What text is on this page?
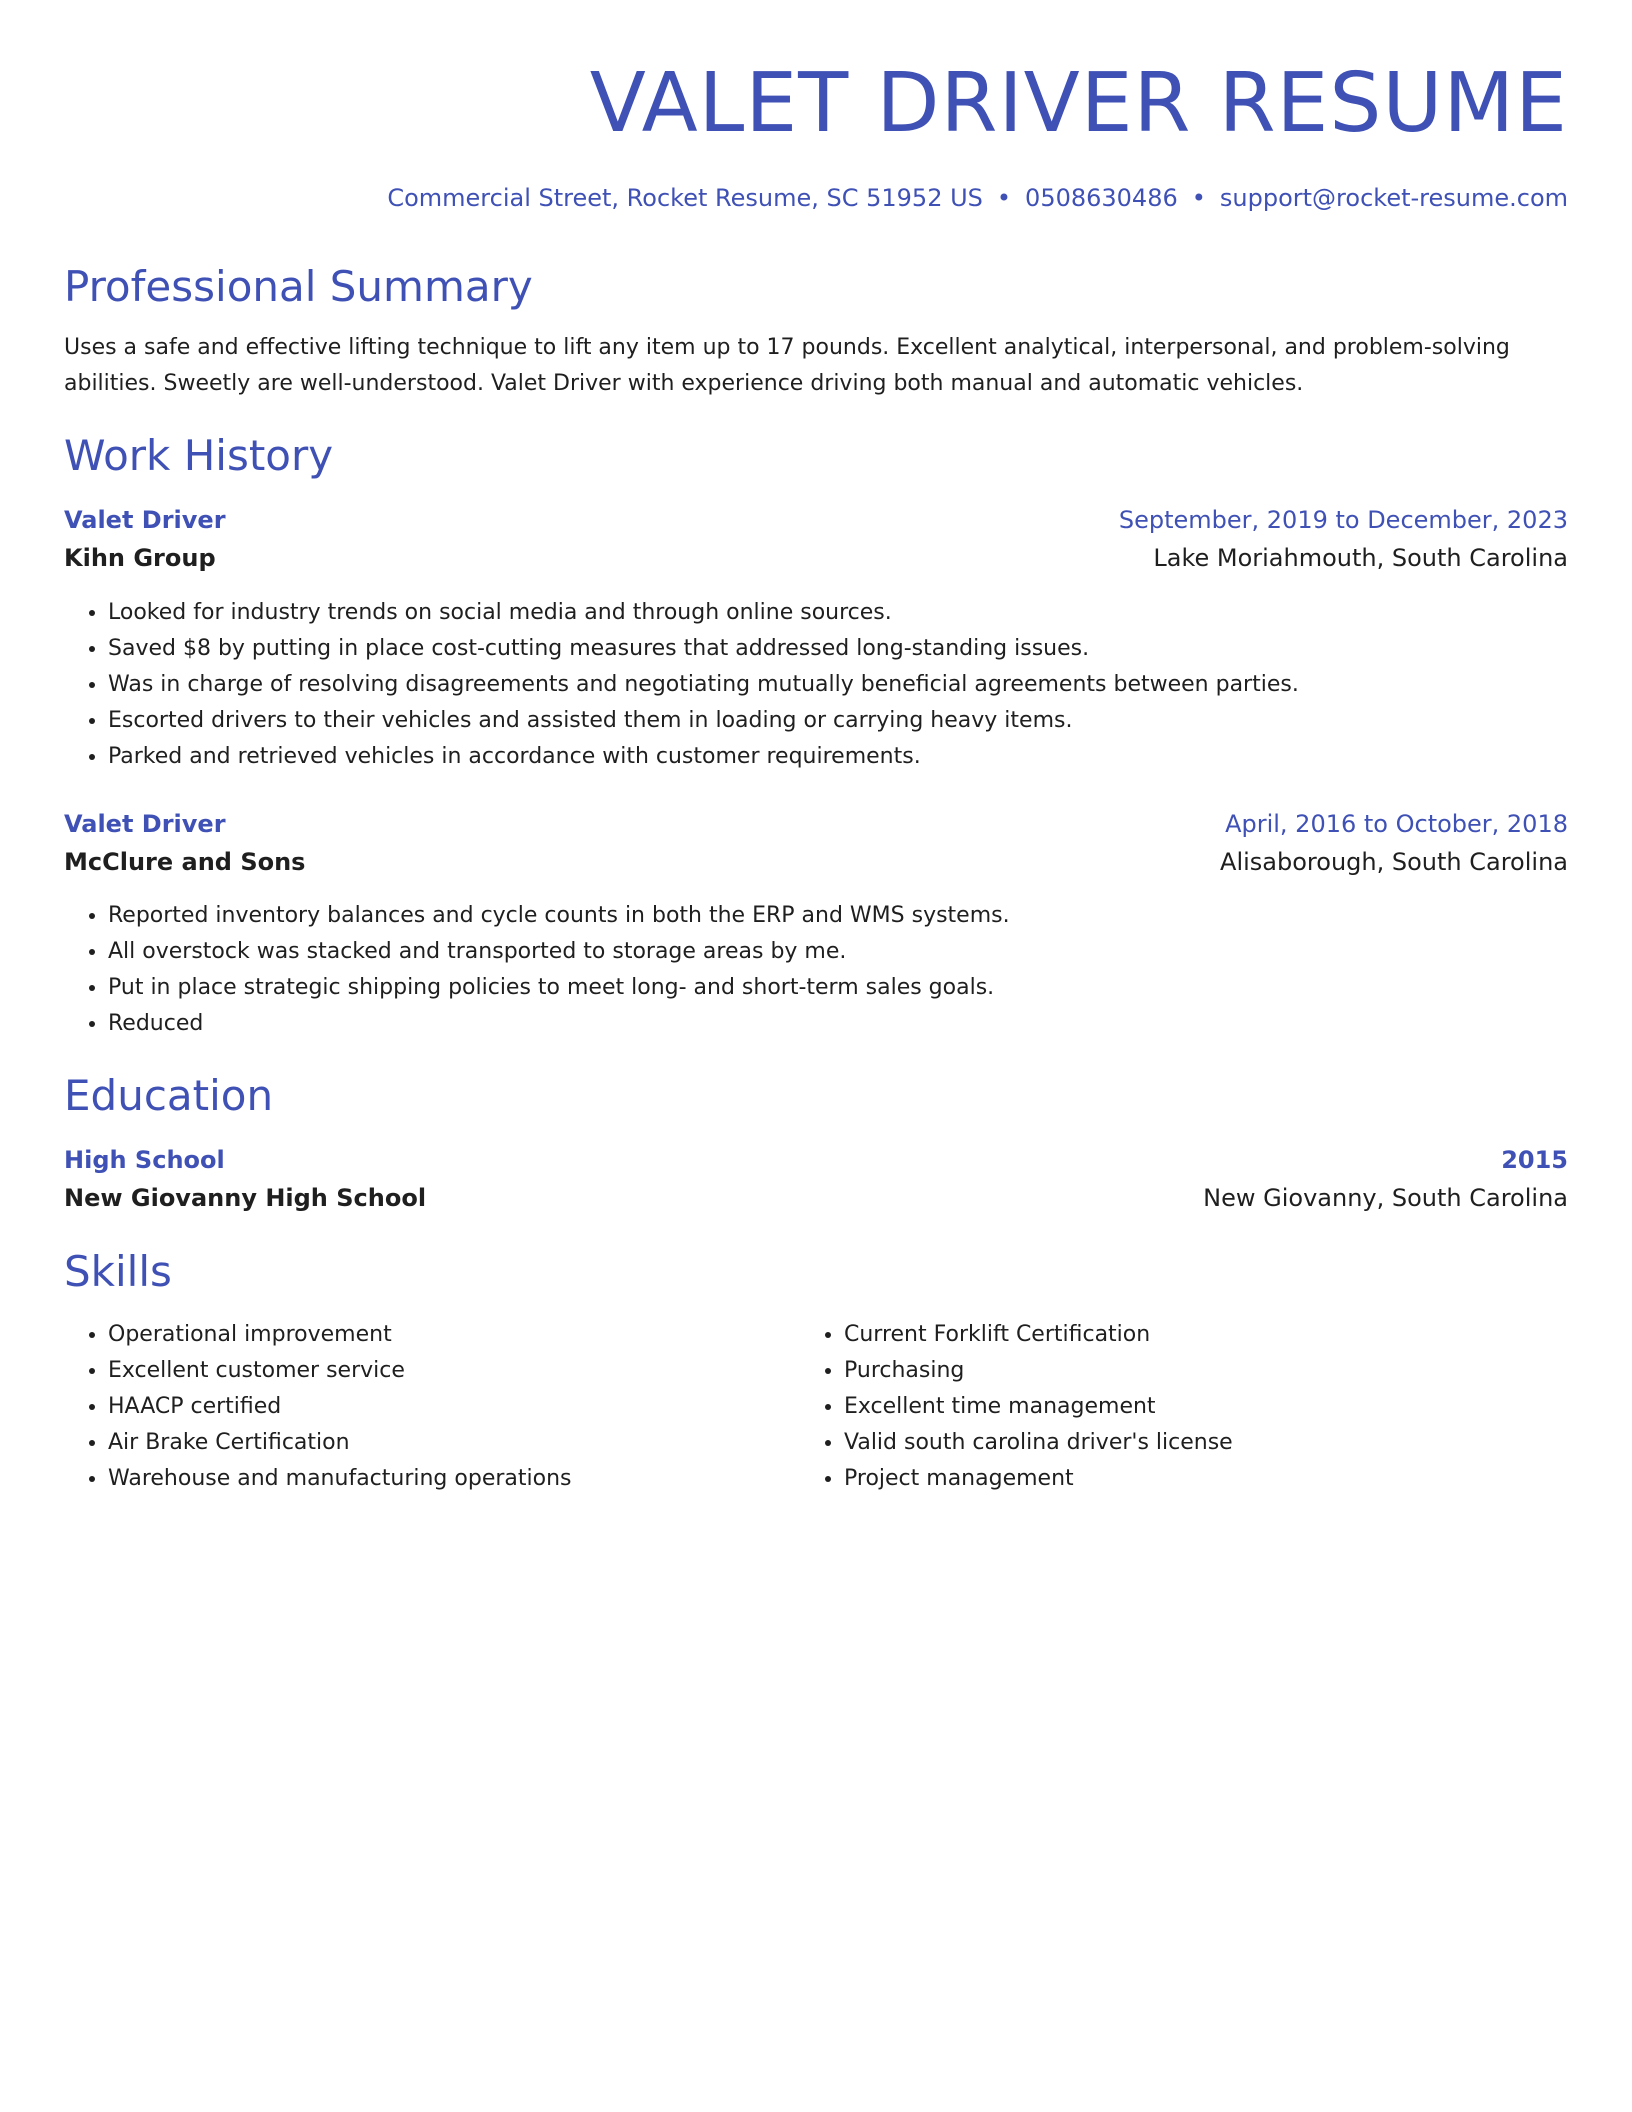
VALET DRIVER RESUME
Commercial Street, Rocket Resume, SC 51952 US • 0508630486 • support@rocket-resume.com
Professional Summary
Uses a safe and effective lifting technique to lift any item up to 17 pounds. Excellent analytical, interpersonal, and problem-solving abilities. Sweetly are well-understood. Valet Driver with experience driving both manual and automatic vehicles.
Work History
Valet Driver	September, 2019 to December, 2023
Kihn Group	Lake Moriahmouth, South Carolina
• Looked for industry trends on social media and through online sources.
• Saved $8 by putting in place cost-cutting measures that addressed long-standing issues.
• Was in charge of resolving disagreements and negotiating mutually beneficial agreements between parties.
• Escorted drivers to their vehicles and assisted them in loading or carrying heavy items.
• Parked and retrieved vehicles in accordance with customer requirements.
Valet Driver	April, 2016 to October, 2018
McClure and Sons	Alisaborough, South Carolina
• Reported inventory balances and cycle counts in both the ERP and WMS systems.
• All overstock was stacked and transported to storage areas by me.
• Put in place strategic shipping policies to meet long- and short-term sales goals.
• Reduced
Education
High School	2015
New Giovanny High School	New Giovanny, South Carolina
Skills
• Operational improvement
• Excellent customer service
• HAACP certified
• Air Brake Certification
• Warehouse and manufacturing operations
• Current Forklift Certification
• Purchasing
• Excellent time management
• Valid south carolina driver's license
• Project management
